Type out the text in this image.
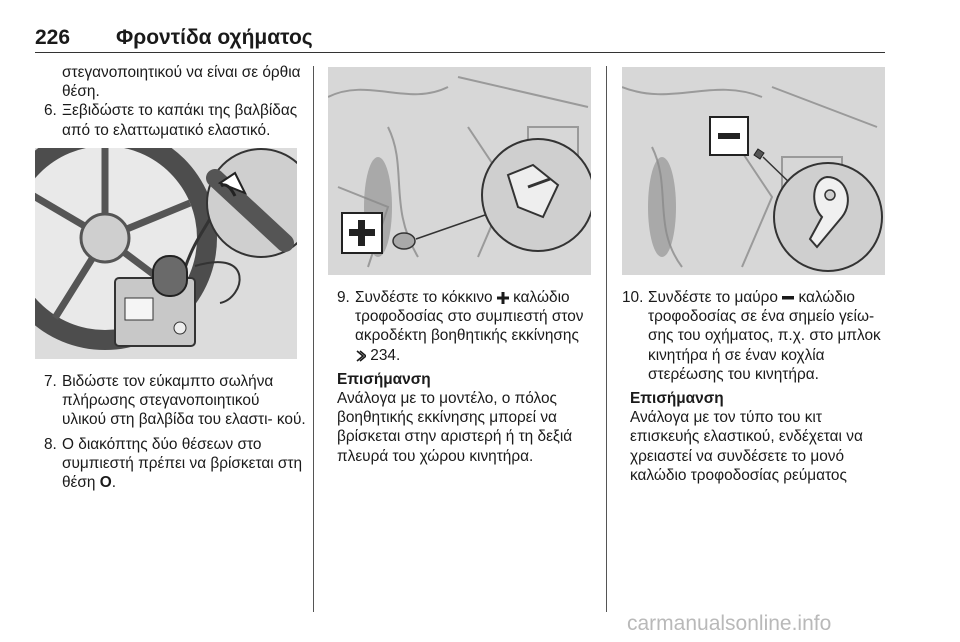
226 Φροντίδα οχήματος
στεγανοποιητικού να είναι σε όρθια θέση.
6. Ξεβιδώστε το καπάκι της βαλβίδας από το ελαττωματικό ελαστικό.
7. Βιδώστε τον εύκαμπτο σωλήνα πλήρωσης στεγανοποιητικού υλικού στη βαλβίδα του ελαστι- κού.
8. Ο διακόπτης δύο θέσεων στο συμπιεστή πρέπει να βρίσκεται στη θέση O.
9. Συνδέστε το κόκκινο  καλώδιο τροφοδοσίας στο συμπιεστή στον ακροδέκτη βοηθητικής εκκίνησης
234.
Επισήμανση
Ανάλογα με το μοντέλο, ο πόλος βοηθητικής εκκίνησης μπορεί να βρίσκεται στην αριστερή ή τη δεξιά πλευρά του χώρου κινητήρα.
10. Συνδέστε το μαύρο  καλώδιο τροφοδοσίας σε ένα σημείο γείω- σης του οχήματος, π.χ. στο μπλοκ κινητήρα ή σε έναν κοχλία στερέωσης του κινητήρα.
Επισήμανση
Ανάλογα με τον τύπο του κιτ επισκευής ελαστικού, ενδέχεται να χρειαστεί να συνδέσετε το μονό καλώδιο τροφοδοσίας ρεύματος
carmanualsonline.info
